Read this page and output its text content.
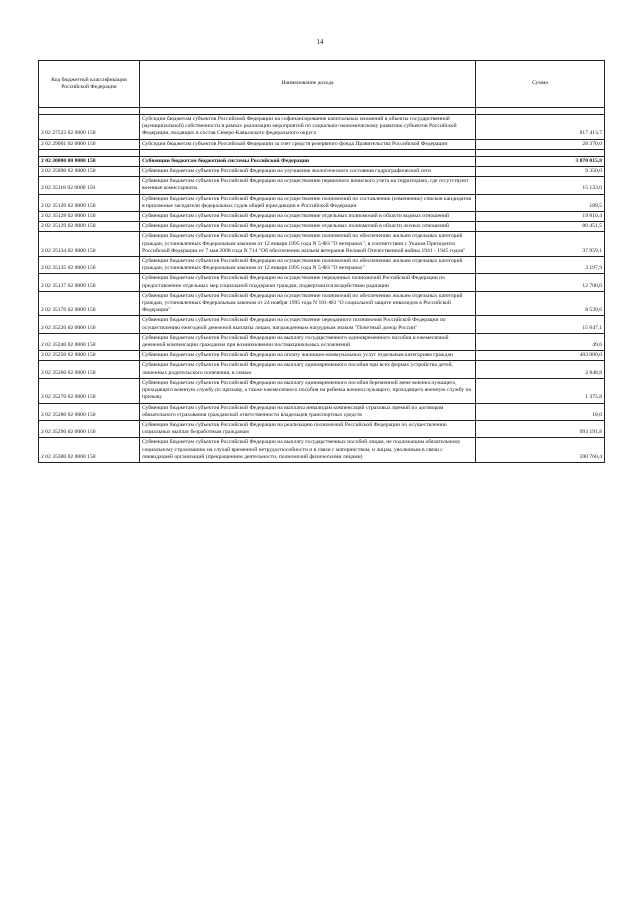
14
Код бюджетной классификации Российской Федерации	Наименование дохода	Сумма

2 02 27523 02 0000 150	Субсидии бюджетам субъектов Российской Федерации на софинансирование капитальных вложений в объекты государственной (муниципальной) собственности в рамках реализации мероприятий по социально-экономическому развитию субъектов Российской Федерации, входящих в состав Северо-Кавказского федерального округа	817 413,7
2 02 29001 02 0000 150	Субсидии бюджетам субъектов Российской Федерации за счет средств резервного фонда Правительства Российской Федерации	28 370,0

2 02 30000 00 0000 150	Субвенции бюджетам бюджетной системы Российской Федерации	3 070 015,8
2 02 35090 02 0000 150	Субвенции бюджетам субъектов Российской Федерации на улучшение экологического состояния гидрографической сети	9 350,0
2 02 35118 02 0000 150	Субвенции бюджетам субъектов Российской Федерации на осуществление первичного воинского учета на территориях, где отсутствуют военные комиссариаты	15 133,0
2 02 35120 02 0000 150	Субвенции бюджетам субъектов Российской Федерации на осуществление полномочий по составлению (изменению) списков кандидатов в присяжные заседатели федеральных судов общей юрисдикции в Российской Федерации	189,5
2 02 35128 02 0000 150	Субвенции бюджетам субъектов Российской Федерации на осуществление отдельных полномочий в области водных отношений	19 810,4
2 02 35129 02 0000 150	Субвенции бюджетам субъектов Российской Федерации на осуществление отдельных полномочий в области лесных отношений	80 451,5
2 02 35134 02 0000 150	Субвенции бюджетам субъектов Российской Федерации на осуществление полномочий по обеспечению жильем отдельных категорий граждан, установленных Федеральным законом от 12 января 1995 года N 5-ФЗ "О ветеранах", в соответствии с Указом Президента Российской Федерации от 7 мая 2008 года N 714 "Об обеспечении жильем ветеранов Великой Отечественной войны 1941 - 1945 годов"	37 959,1
2 02 35135 02 0000 150	Субвенции бюджетам субъектов Российской Федерации на осуществление полномочий по обеспечению жильем отдельных категорий граждан, установленных Федеральным законом от 12 января 1995 года N 5-ФЗ "О ветеранах"	3 197,9
2 02 35137 02 0000 150	Субвенции бюджетам субъектов Российской Федерации на осуществление переданных полномочий Российской Федерации по предоставлению отдельных мер социальной поддержки граждан, подвергшихся воздействию радиации	12 700,0
2 02 35176 02 0000 150	Субвенции бюджетам субъектов Российской Федерации на осуществление полномочий по обеспечению жильем отдельных категорий граждан, установленных Федеральным законом от 24 ноября 1995 года N 181-ФЗ "О социальной защите инвалидов в Российской Федерации"	8 539,6
2 02 35220 02 0000 150	Субвенции бюджетам субъектов Российской Федерации на осуществление переданного полномочия Российской Федерации по осуществлению ежегодной денежной выплаты лицам, награжденным нагрудным знаком "Почетный донор России"	15 647,1
2 02 35240 02 0000 150	Субвенции бюджетам субъектов Российской Федерации на выплату государственного единовременного пособия и ежемесячной денежной компенсации гражданам при возникновении поствакцинальных осложнений	49,6
2 02 35250 02 0000 150	Субвенции бюджетам субъектов Российской Федерации на оплату жилищно-коммунальных услуг отдельным категориям граждан	403 000,0
2 02 35260 02 0000 150	Субвенции бюджетам субъектов Российской Федерации на выплату единовременного пособия при всех формах устройства детей, лишенных родительского попечения, в семью	2 848,8
2 02 35270 02 0000 150	Субвенции бюджетам субъектов Российской Федерации на выплату единовременного пособия беременной жене военнослужащего, проходящего военную службу по призыву, а также ежемесячного пособия на ребенка военнослужащего, проходящего военную службу по призыву	1 375,8
2 02 35280 02 0000 150	Субвенции бюджетам субъектов Российской Федерации на выплаты инвалидам компенсаций страховых премий по договорам обязательного страхования гражданской ответственности владельцев транспортных средств	18,0
2 02 35290 02 0000 150	Субвенции бюджетам субъектов Российской Федерации на реализацию полномочий Российской Федерации по осуществлению социальных выплат безработным гражданам	993 191,8
2 02 35380 02 0000 150	Субвенции бюджетам субъектов Российской Федерации на выплату государственных пособий лицам, не подлежащим обязательному социальному страхованию на случай временной нетрудоспособности и в связи с материнством, и лицам, уволенным в связи с ликвидацией организаций (прекращением деятельности, полномочий физическими лицами)	590 760,4
